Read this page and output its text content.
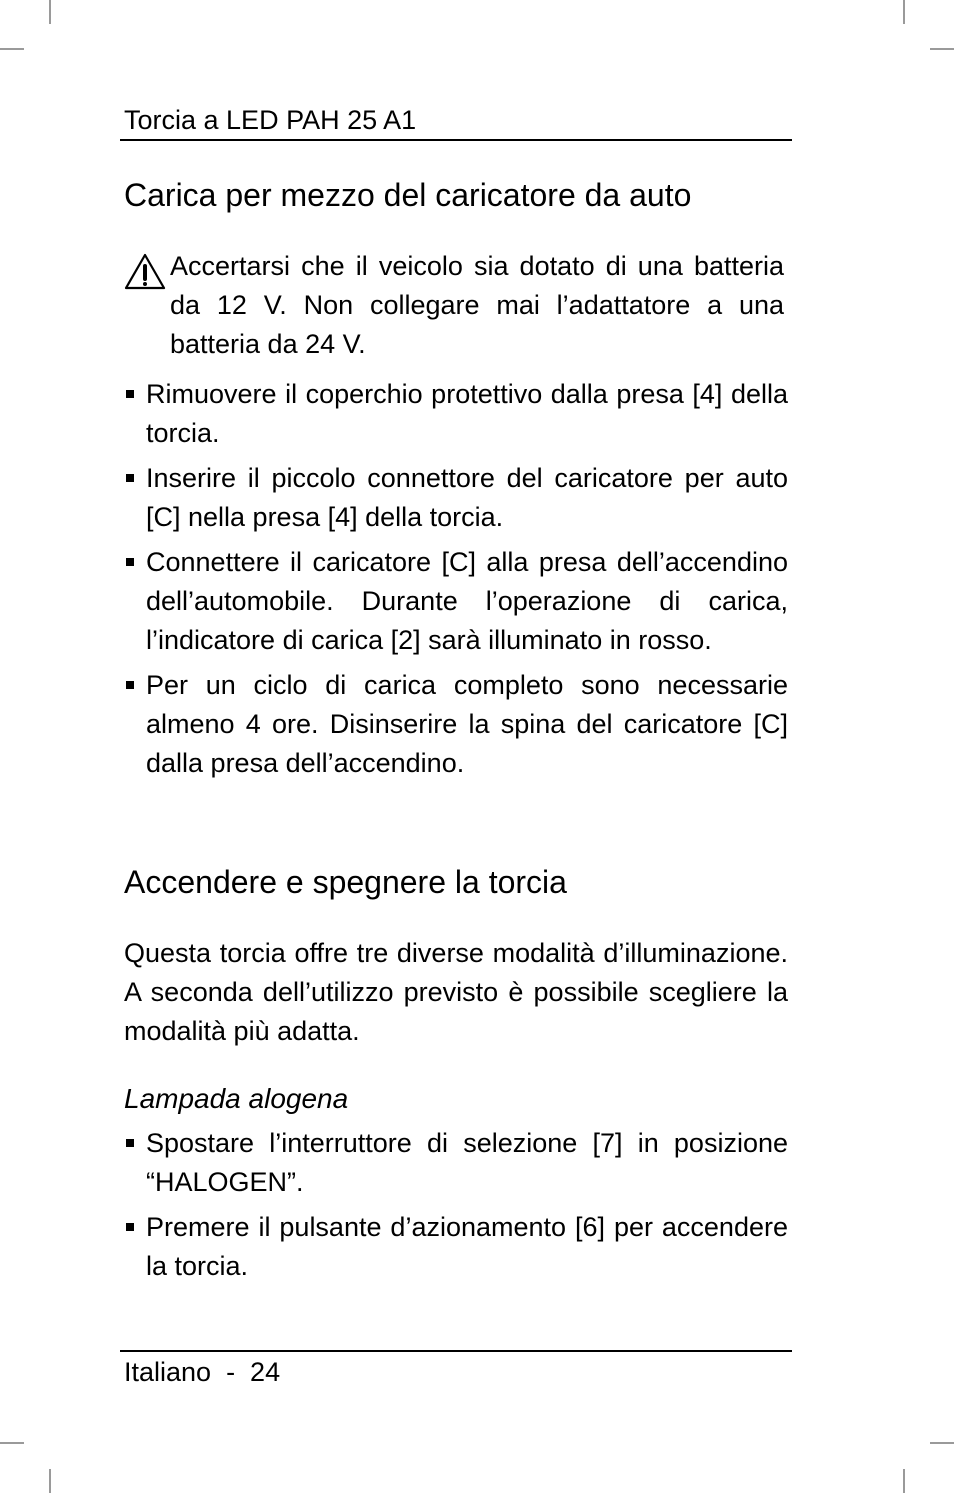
Torcia a LED PAH 25 A1
Carica per mezzo del caricatore da auto
Accertarsi che il veicolo sia dotato di una batteria da 12 V. Non collegare mai l’adattatore a una batteria da 24 V.
Rimuovere il coperchio protettivo dalla presa [4] della torcia.
Inserire il piccolo connettore del caricatore per auto [C] nella presa [4] della torcia.
Connettere il caricatore [C] alla presa dell’accendino dell’automobile. Durante l’operazione di carica, l’indicatore di carica [2] sarà illuminato in rosso.
Per un ciclo di carica completo sono necessarie almeno 4 ore. Disinserire la spina del caricatore [C] dalla presa dell’accendino.
Accendere e spegnere la torcia
Questa torcia offre tre diverse modalità d’illuminazione. A seconda dell’utilizzo previsto è possibile scegliere la modalità più adatta.
Lampada alogena
Spostare l’interruttore di selezione [7] in posizione “HALOGEN”.
Premere il pulsante d’azionamento [6] per accendere la torcia.
Italiano  -  24
